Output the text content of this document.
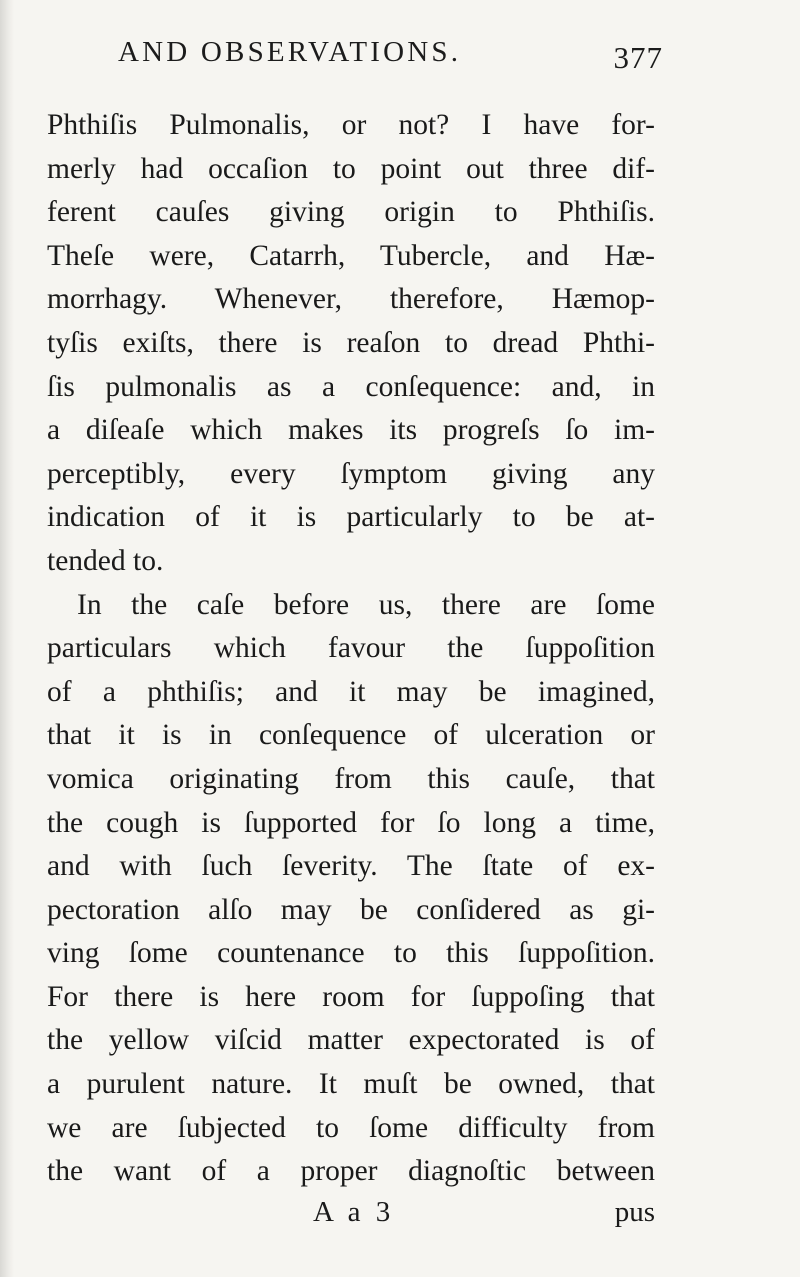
AND OBSERVATIONS.	377
Phthiſis Pulmonalis, or not? I have for-
merly had occaſion to point out three dif-
ferent cauſes giving origin to Phthiſis.
Theſe were, Catarrh, Tubercle, and Hæ-
morrhagy. Whenever, therefore, Hæmop-
tyſis exiſts, there is reaſon to dread Phthi-
ſis pulmonalis as a conſequence: and, in
a diſeaſe which makes its progreſs ſo im-
perceptibly, every ſymptom giving any
indication of it is particularly to be at-
tended to.
In the caſe before us, there are ſome
particulars which favour the ſuppoſition
of a phthiſis; and it may be imagined,
that it is in conſequence of ulceration or
vomica originating from this cauſe, that
the cough is ſupported for ſo long a time,
and with ſuch ſeverity. The ſtate of ex-
pectoration alſo may be conſidered as gi-
ving ſome countenance to this ſuppoſition.
For there is here room for ſuppoſing that
the yellow viſcid matter expectorated is of
a purulent nature. It muſt be owned, that
we are ſubjected to ſome difficulty from
the want of a proper diagnoſtic between
A a 3	pus
